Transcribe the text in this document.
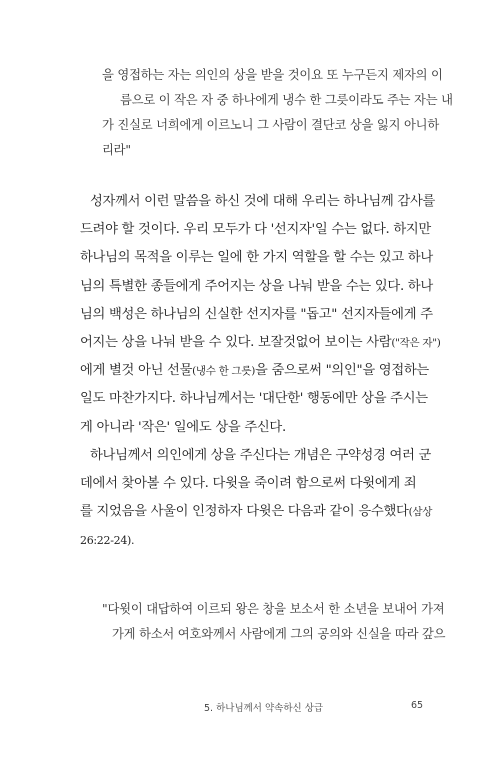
을 영접하는 자는 의인의 상을 받을 것이요 또 누구든지 제자의 이

름으로 이 작은 자 중 하나에게 냉수 한 그릇이라도 주는 자는 내

가 진실로 너희에게 이르노니 그 사람이 결단코 상을 잃지 아니하

리라"

성자께서 이런 말씀을 하신 것에 대해 우리는 하나님께 감사를
드려야 할 것이다. 우리 모두가 다 '선지자'일 수는 없다. 하지만
하나님의 목적을 이루는 일에 한 가지 역할을 할 수는 있고 하나
님의 특별한 종들에게 주어지는 상을 나눠 받을 수는 있다. 하나
님의 백성은 하나님의 신실한 선지자를 "돕고" 선지자들에게 주
어지는 상을 나눠 받을 수 있다. 보잘것없어 보이는 사람("작은 자")
에게 별것 아닌 선물(냉수 한 그릇)을 줌으로써 "의인"을 영접하는
일도 마찬가지다. 하나님께서는 '대단한' 행동에만 상을 주시는
게 아니라 '작은' 일에도 상을 주신다.
하나님께서 의인에게 상을 주신다는 개념은 구약성경 여러 군
데에서 찾아볼 수 있다. 다윗을 죽이려 함으로써 다윗에게 죄
를 지었음을 사울이 인정하자 다윗은 다음과 같이 응수했다(삼상
26:22-24).

"다윗이 대답하여 이르되 왕은 창을 보소서 한 소년을 보내어 가져

가게 하소서 여호와께서 사람에게 그의 공의와 신실을 따라 갚으

5. 하나님께서 약속하신 상급	65
